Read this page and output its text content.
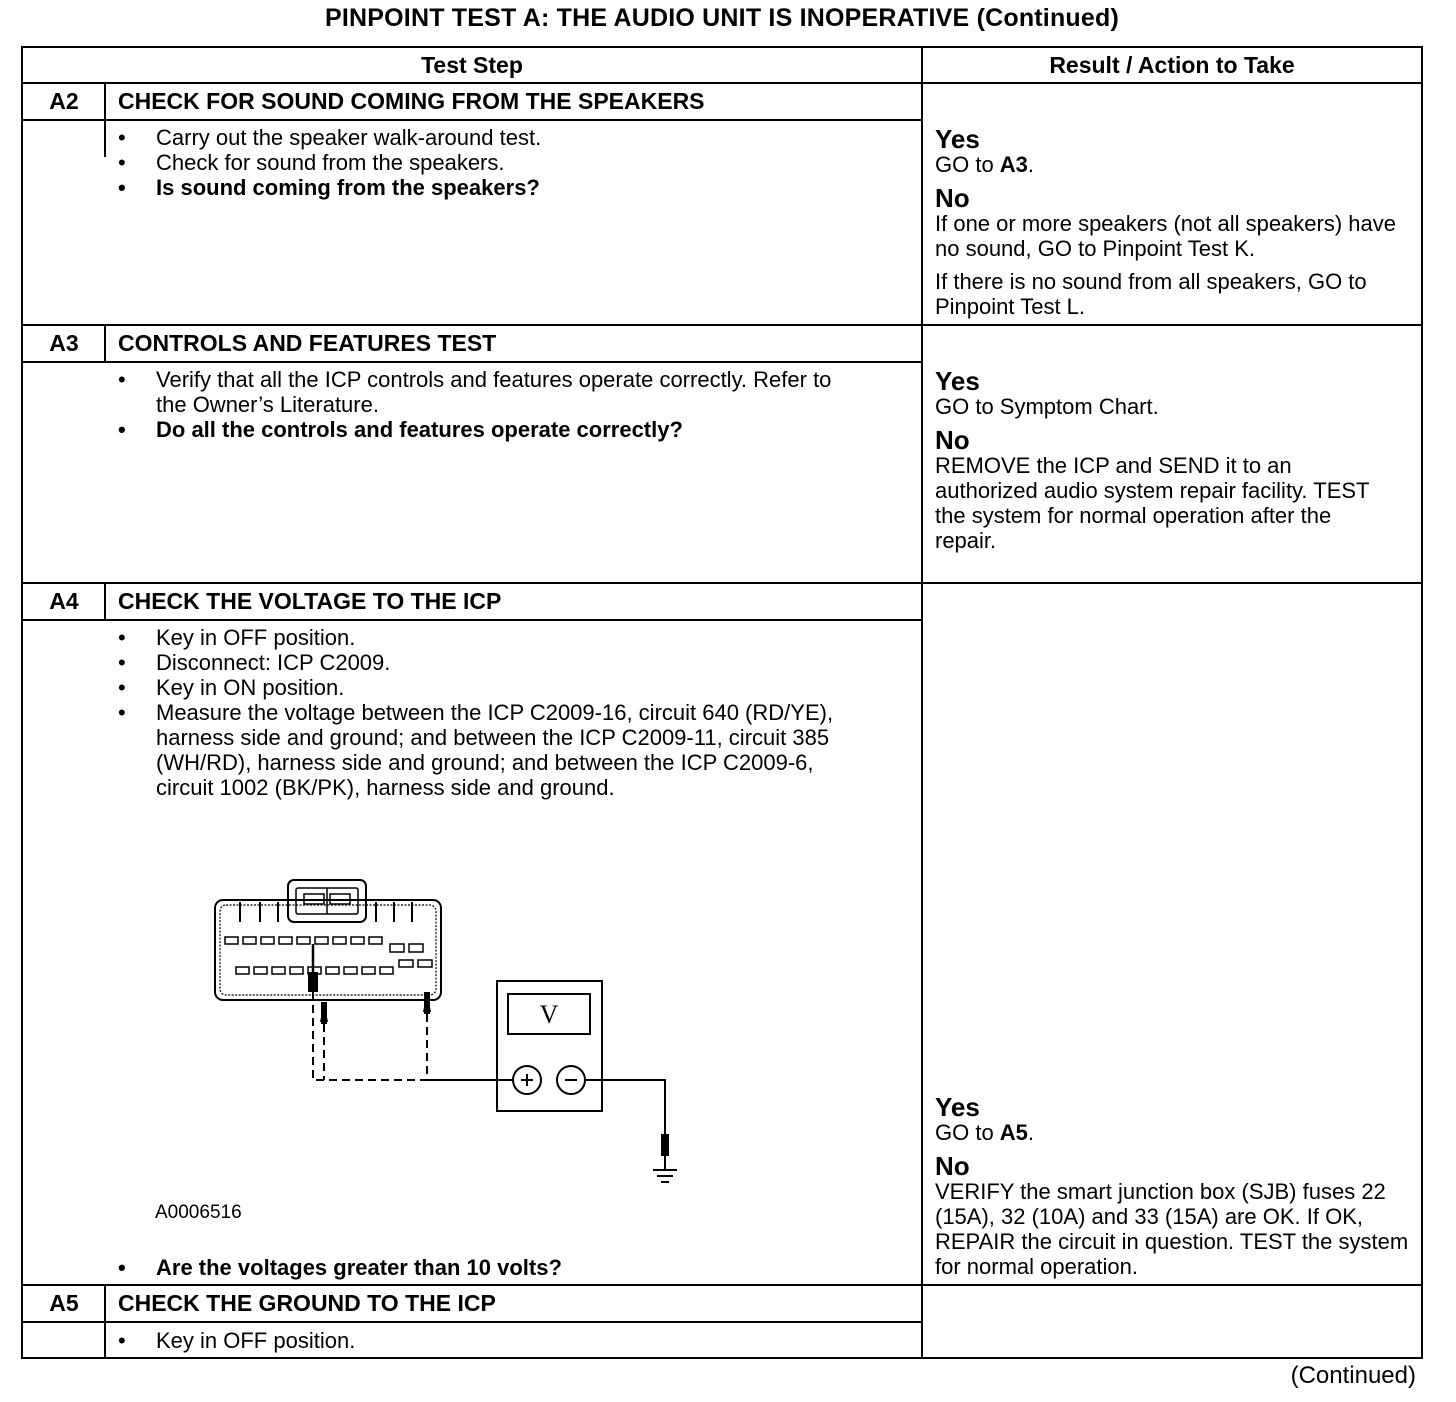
PINPOINT TEST A: THE AUDIO UNIT IS INOPERATIVE (Continued)
Test Step	Result / Action to Take
A2	CHECK FOR SOUND COMING FROM THE SPEAKERS
• Carry out the speaker walk-around test.
• Check for sound from the speakers.
• Is sound coming from the speakers?
Yes
GO to A3.
No
If one or more speakers (not all speakers) have no sound, GO to Pinpoint Test K.
If there is no sound from all speakers, GO to Pinpoint Test L.
A3	CONTROLS AND FEATURES TEST
• Verify that all the ICP controls and features operate correctly. Refer to the Owner’s Literature.
• Do all the controls and features operate correctly?
Yes
GO to Symptom Chart.
No
REMOVE the ICP and SEND it to an authorized audio system repair facility. TEST the system for normal operation after the repair.
A4	CHECK THE VOLTAGE TO THE ICP
• Key in OFF position.
• Disconnect: ICP C2009.
• Key in ON position.
• Measure the voltage between the ICP C2009-16, circuit 640 (RD/YE), harness side and ground; and between the ICP C2009-11, circuit 385 (WH/RD), harness side and ground; and between the ICP C2009-6, circuit 1002 (BK/PK), harness side and ground.
A0006516
• Are the voltages greater than 10 volts?
Yes
GO to A5.
No
VERIFY the smart junction box (SJB) fuses 22 (15A), 32 (10A) and 33 (15A) are OK. If OK, REPAIR the circuit in question. TEST the system for normal operation.
A5	CHECK THE GROUND TO THE ICP
• Key in OFF position.
V
(Continued)
